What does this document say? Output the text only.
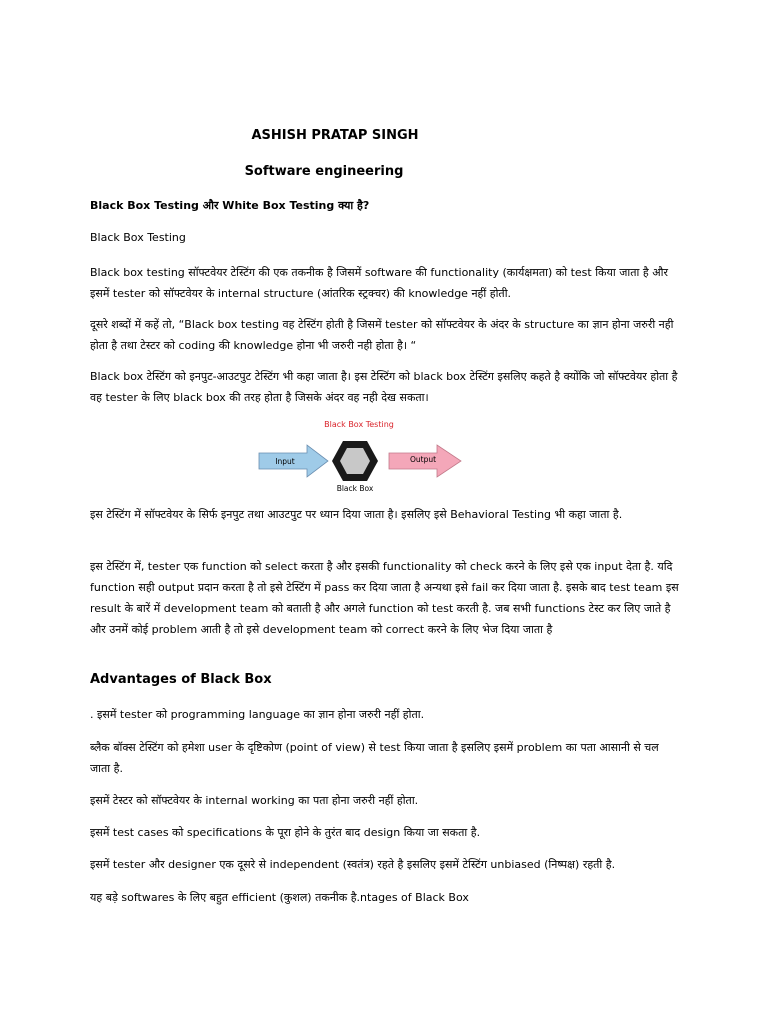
ASHISH PRATAP SINGH

Software engineering

Black Box Testing और White Box Testing क्या है?

Black Box Testing

Black box testing सॉफ्टवेयर टेस्टिंग की एक तकनीक है जिसमें software की functionality (कार्यक्षमता) को test किया जाता है और इसमें tester को सॉफ्टवेयर के internal structure (आंतरिक स्ट्रक्चर) की knowledge नहीं होती.

दूसरे शब्दों में कहें तो, “Black box testing वह टेस्टिंग होती है जिसमें tester को सॉफ्टवेयर के अंदर के structure का ज्ञान होना जरुरी नही होता है तथा टेस्टर को coding की knowledge होना भी जरुरी नही होता है। “

Black box टेस्टिंग को इनपुट-आउटपुट टेस्टिंग भी कहा जाता है। इस टेस्टिंग को black box टेस्टिंग इसलिए कहते है क्योंकि जो सॉफ्टवेयर होता है वह tester के लिए black box की तरह होता है जिसके अंदर वह नही देख सकता।

Black Box Testing
Input
Black Box
Output

इस टेस्टिंग में सॉफ्टवेयर के सिर्फ इनपुट तथा आउटपुट पर ध्यान दिया जाता है। इसलिए इसे Behavioral Testing भी कहा जाता है.

इस टेस्टिंग में, tester एक function को select करता है और इसकी functionality को check करने के लिए इसे एक input देता है. यदि function सही output प्रदान करता है तो इसे टेस्टिंग में pass कर दिया जाता है अन्यथा इसे fail कर दिया जाता है. इसके बाद test team इस result के बारें में development team को बताती है और अगले function को test करती है. जब सभी functions टेस्ट कर लिए जाते है और उनमें कोई problem आती है तो इसे development team को correct करने के लिए भेज दिया जाता है

Advantages of Black Box

. इसमें tester को programming language का ज्ञान होना जरुरी नहीं होता.

ब्लैक बॉक्स टेस्टिंग को हमेशा user के दृष्टिकोण (point of view) से test किया जाता है इसलिए इसमें problem का पता आसानी से चल जाता है.

इसमें टेस्टर को सॉफ्टवेयर के internal working का पता होना जरुरी नहीं होता.

इसमें test cases को specifications के पूरा होने के तुरंत बाद design किया जा सकता है.

इसमें tester और designer एक दूसरे से independent (स्वतंत्र) रहते है इसलिए इसमें टेस्टिंग unbiased (निष्पक्ष) रहती है.

यह बड़े softwares के लिए बहुत efficient (कुशल) तकनीक है.ntages of Black Box
